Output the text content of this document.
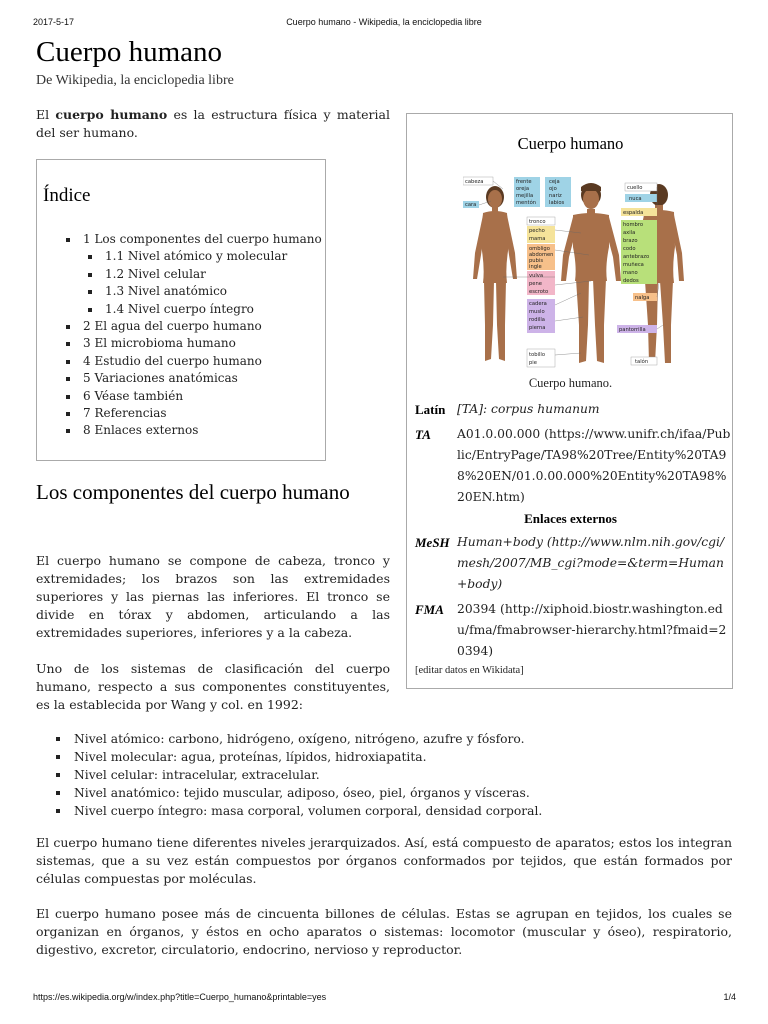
2017-5-17	Cuerpo humano - Wikipedia, la enciclopedia libre
Cuerpo humano
De Wikipedia, la enciclopedia libre
El cuerpo humano es la estructura física y material del ser humano.
Índice
1 Los componentes del cuerpo humano
1.1 Nivel atómico y molecular
1.2 Nivel celular
1.3 Nivel anatómico
1.4 Nivel cuerpo íntegro
2 El agua del cuerpo humano
3 El microbioma humano
4 Estudio del cuerpo humano
5 Variaciones anatómicas
6 Véase también
7 Referencias
8 Enlaces externos
Los componentes del cuerpo humano
El cuerpo humano se compone de cabeza, tronco y extremidades; los brazos son las extremidades superiores y las piernas las inferiores. El tronco se divide en tórax y abdomen, articulando a las extremidades superiores, inferiores y a la cabeza.
Uno de los sistemas de clasificación del cuerpo humano, respecto a sus componentes constituyentes, es la establecida por Wang y col. en 1992:
Nivel atómico: carbono, hidrógeno, oxígeno, nitrógeno, azufre y fósforo.
Nivel molecular: agua, proteínas, lípidos, hidroxiapatita.
Nivel celular: intracelular, extracelular.
Nivel anatómico: tejido muscular, adiposo, óseo, piel, órganos y vísceras.
Nivel cuerpo íntegro: masa corporal, volumen corporal, densidad corporal.
El cuerpo humano tiene diferentes niveles jerarquizados. Así, está compuesto de aparatos; estos los integran sistemas, que a su vez están compuestos por órganos conformados por tejidos, que están formados por células compuestas por moléculas.
El cuerpo humano posee más de cincuenta billones de células. Estas se agrupan en tejidos, los cuales se organizan en órganos, y éstos en ocho aparatos o sistemas: locomotor (muscular y óseo), respiratorio, digestivo, excretor, circulatorio, endocrino, nervioso y reproductor.
Cuerpo humano
cabeza
cara
frente
oreja
mejilla
mentón
ceja
ojo
nariz
labios
tronco
pecho
mama
ombligo
abdomen
pubis
ingle
vulva
pene
escroto
cadera
muslo
rodilla
pierna
tobillo
pie
cuello
nuca
espalda
hombro
axila
brazo
codo
antebrazo
muñeca
mano
dedos
nalga
pantorrilla
talón
Cuerpo humano.
Latín [TA]: corpus humanum
TA A01.0.00.000 (https://www.unifr.ch/ifaa/Public/EntryPage/TA98%20Tree/Entity%20TA98%20EN/01.0.00.000%20Entity%20TA98%20EN.htm)
Enlaces externos
MeSH Human+body (http://www.nlm.nih.gov/cgi/mesh/2007/MB_cgi?mode=&term=Human+body)
FMA 20394 (http://xiphoid.biostr.washington.edu/fma/fmabrowser-hierarchy.html?fmaid=20394)
[editar datos en Wikidata]
https://es.wikipedia.org/w/index.php?title=Cuerpo_humano&printable=yes	1/4
